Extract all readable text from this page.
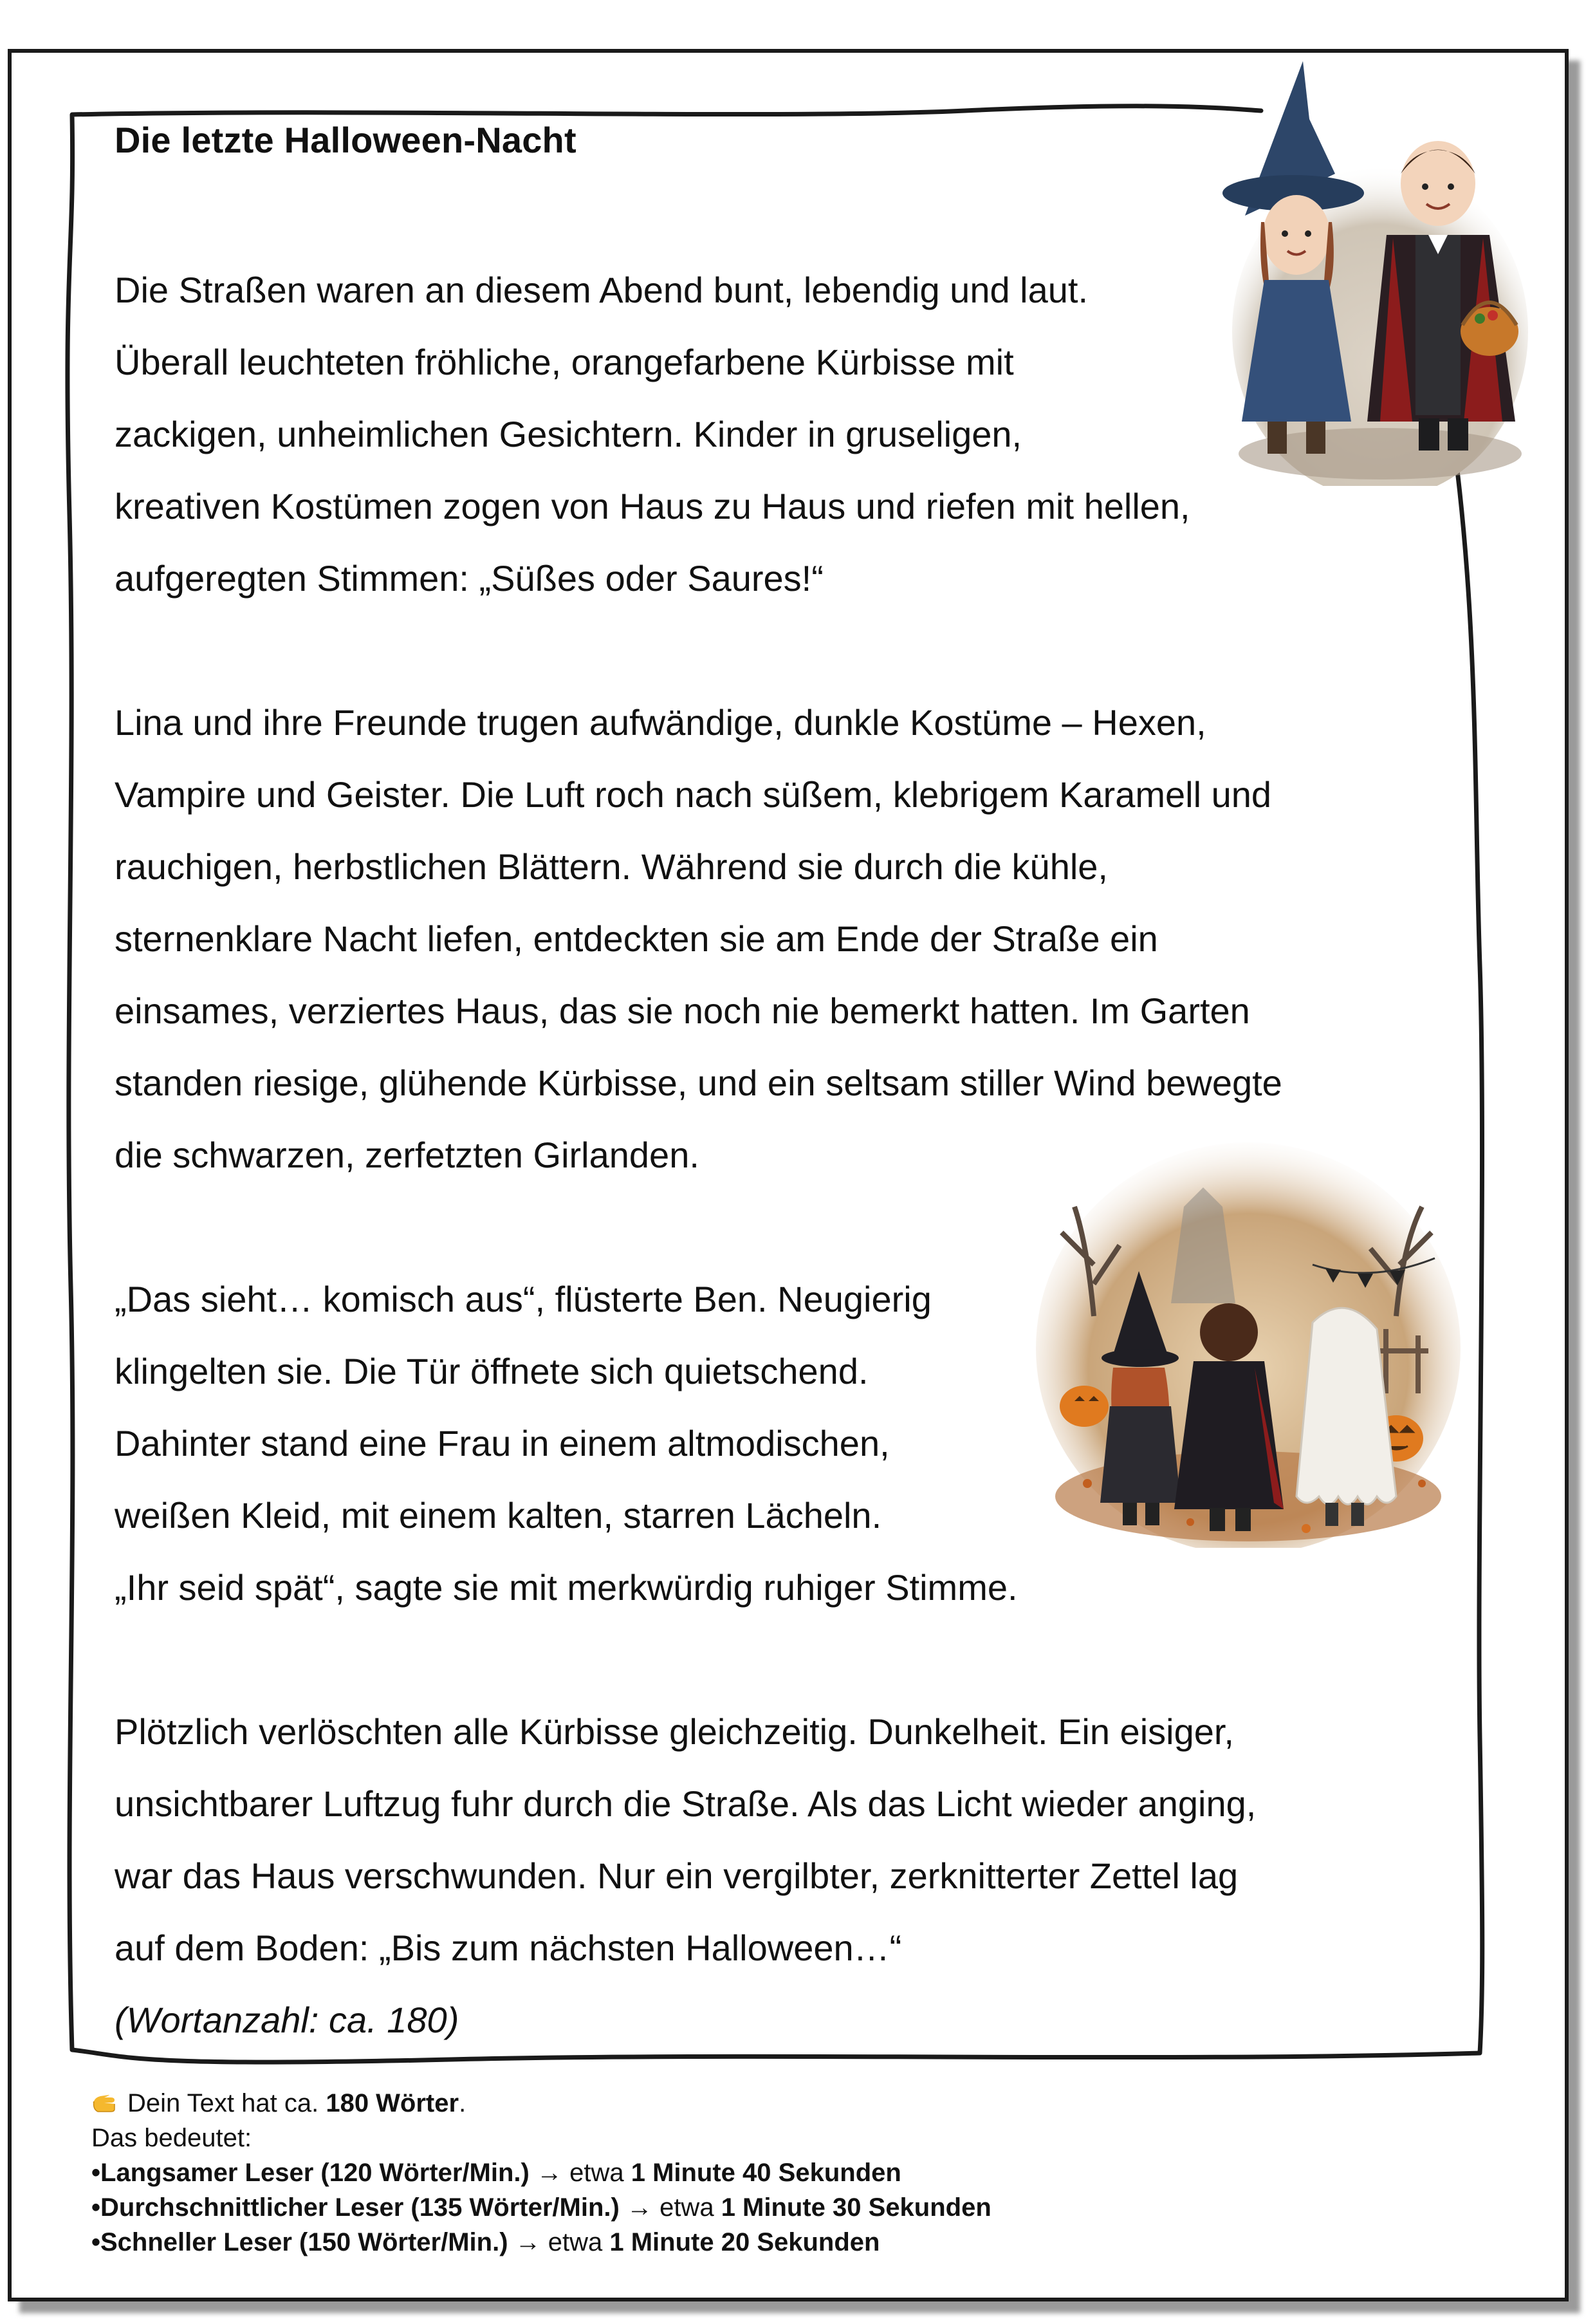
Die letzte Halloween-Nacht
Die Straßen waren an diesem Abend bunt, lebendig und laut.
Überall leuchteten fröhliche, orangefarbene Kürbisse mit
zackigen, unheimlichen Gesichtern. Kinder in gruseligen,
kreativen Kostümen zogen von Haus zu Haus und riefen mit hellen,
aufgeregten Stimmen: „Süßes oder Saures!“
Lina und ihre Freunde trugen aufwändige, dunkle Kostüme – Hexen,
Vampire und Geister. Die Luft roch nach süßem, klebrigem Karamell und
rauchigen, herbstlichen Blättern. Während sie durch die kühle,
sternenklare Nacht liefen, entdeckten sie am Ende der Straße ein
einsames, verziertes Haus, das sie noch nie bemerkt hatten. Im Garten
standen riesige, glühende Kürbisse, und ein seltsam stiller Wind bewegte
die schwarzen, zerfetzten Girlanden.
„Das sieht… komisch aus“, flüsterte Ben. Neugierig
klingelten sie. Die Tür öffnete sich quietschend.
Dahinter stand eine Frau in einem altmodischen,
weißen Kleid, mit einem kalten, starren Lächeln.
„Ihr seid spät“, sagte sie mit merkwürdig ruhiger Stimme.
Plötzlich verlöschten alle Kürbisse gleichzeitig. Dunkelheit. Ein eisiger,
unsichtbarer Luftzug fuhr durch die Straße. Als das Licht wieder anging,
war das Haus verschwunden. Nur ein vergilbter, zerknitterter Zettel lag
auf dem Boden: „Bis zum nächsten Halloween…“
(Wortanzahl: ca. 180)
Dein Text hat ca. 180 Wörter.
Das bedeutet:
•Langsamer Leser (120 Wörter/Min.) → etwa 1 Minute 40 Sekunden
•Durchschnittlicher Leser (135 Wörter/Min.) → etwa 1 Minute 30 Sekunden
•Schneller Leser (150 Wörter/Min.) → etwa 1 Minute 20 Sekunden
